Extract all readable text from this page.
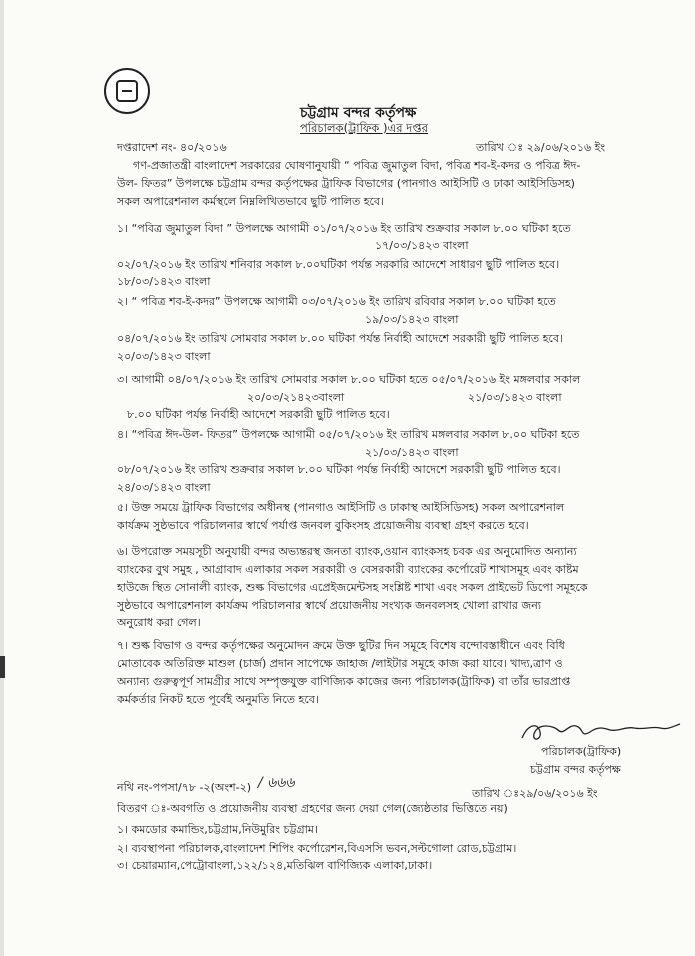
চট্টগ্রাম বন্দর কর্তৃপক্ষ
পরিচালক(ট্রাফিক )এর দপ্তর
দপ্তরাদেশ নং- ৪০/২০১৬	তারিখ ঃ ২৯/০৬/২০১৬ ইং
গণ-প্রজাতন্ত্রী বাংলাদেশ সরকারের ঘোষণানুযায়ী “ পবিত্র জুমাতুল বিদা, পবিত্র শব-ই-কদর ও পবিত্র ঈদ-
উল- ফিতর” উপলক্ষে চট্টগ্রাম বন্দর কর্তৃপক্ষের ট্রাফিক বিভাগের (পানগাও আইসিটি ও ঢাকা আইসিডিসহ)
সকল অপারেশনাল কর্মস্থলে নিম্নলিখিতভাবে ছুটি পালিত হবে।
১। “পবিত্র জুমাতুল বিদা ” উপলক্ষে আগামী ০১/০৭/২০১৬ ইং তারিখ শুক্রবার সকাল ৮.০০ ঘটিকা হতে
১৭/০৩/১৪২৩ বাংলা
০২/০৭/২০১৬ ইং তারিখ শনিবার সকাল ৮.০০ঘটিকা পর্যন্ত সরকারি আদেশে সাধারণ ছুটি পালিত হবে।
১৮/০৩/১৪২৩ বাংলা
২। “ পবিত্র শব-ই-কদর” উপলক্ষে আগামী ০৩/০৭/২০১৬ ইং তারিখ রবিবার সকাল ৮.০০ ঘটিকা হতে
১৯/০৩/১৪২৩ বাংলা
০৪/০৭/২০১৬ ইং তারিখ সোমবার সকাল ৮.০০ ঘটিকা পর্যন্ত নির্বাহী আদেশে সরকারী ছুটি পালিত হবে।
২০/০৩/১৪২৩ বাংলা
৩। আগামী ০৪/০৭/২০১৬ ইং তারিখ সোমবার সকাল ৮.০০ ঘটিকা হতে ০৫/০৭/২০১৬ ইং মঙ্গলবার সকাল
২০/০৩/২১৪২৩বাংলা	২১/০৩/১৪২৩ বাংলা
৮.০০ ঘটিকা পর্যন্ত নির্বাহী আদেশে সরকারী ছুটি পালিত হবে।
৪। “পবিত্র ঈদ-উল- ফিতর” উপলক্ষে আগামী ০৫/০৭/২০১৬ ইং তারিখ মঙ্গলবার সকাল ৮.০০ ঘটিকা হতে
২১/০৩/১৪২৩ বাংলা
০৮/০৭/২০১৬ ইং তারিখ শুক্রবার সকাল ৮.০০ ঘটিকা পর্যন্ত নির্বাহী আদেশে সরকারী ছুটি পালিত হবে।
২৪/০৩/১৪২৩ বাংলা
৫। উক্ত সময়ে ট্রাফিক বিভাগের অধীনস্থ (পানগাও আইসিটি ও ঢাকাস্থ আইসিডিসহ) সকল অপারেশনাল
কার্যক্রম সুষ্ঠভাবে পরিচালনার স্বার্থে পর্যাপ্ত জনবল বুকিংসহ প্রয়োজনীয় ব্যবস্থা গ্রহণ করতে হবে।
৬। উপরোক্ত সময়সূচী অনুযায়ী বন্দর অভ্যন্তরস্থ জনতা ব্যাংক,ওয়ান ব্যাংকসহ চবক এর অনুমোদিত অন্যান্য
ব্যাংকের বুথ সমুহ , আগ্রাবাদ এলাকার সকল সরকারী ও বেসরকারী ব্যাংকের কর্পোরেট শাখাসমূহ এবং কাষ্টম
হাউজে স্থিত সোনালী ব্যাংক, শুল্ক বিভাগের এপ্রেইজমেন্টসহ সংশ্লিষ্ট শাখা এবং সকল প্রাইভেট ডিপো সমূহকে
সুষ্ঠভাবে অপারেশনাল কার্যক্রম পরিচালনার স্বার্থে প্রয়োজনীয় সংখ্যক জনবলসহ খোলা রাখার জন্য
অনুরোধ করা গেল।
৭। শুল্ক বিভাগ ও বন্দর কর্তৃপক্ষের অনুমোদন ক্রমে উক্ত ছুটির দিন সমূহে বিশেষ বন্দোবস্তাধীনে এবং বিধি
মোতাবেক অতিরিক্ত মাশুল (চার্জ) প্রদান সাপেক্ষে জাহাজ /লাইটার সমূহে কাজ করা যাবে। খাদ্য,ত্রাণ ও
অন্যান্য গুরুত্বপূর্ণ সামগ্রীর সাথে সম্পৃক্তযুক্ত বাণিজ্যিক কাজের জন্য পরিচালক(ট্রাফিক) বা তাঁর ভারপ্রাপ্ত
কর্মকর্তার নিকট হতে পূর্বেই অনুমতি নিতে হবে।
পরিচালক(ট্রাফিক)
চট্টগ্রাম বন্দর কর্তৃপক্ষ
নথি নং-পপসা/৭৮ -২(অংশ-২) / ৬৬৬
তারিখ ঃ২৯/০৬/২০১৬ ইং
বিতরণ ঃ-অবগতি ও প্রয়োজনীয় ব্যবস্থা গ্রহণের জন্য দেয়া গেল(জ্যেষ্ঠতার ভিত্তিতে নয়)
১। কমডোর কমান্ডিং,চট্টগ্রাম,নিউমুরিং চট্টগ্রাম।
২। ব্যবস্থাপনা পরিচালক,বাংলাদেশ শিপিং কর্পোরেশন,বিএসসি ভবন,সল্টগোলা রোড,চট্টগ্রাম।
৩। চেয়ারম্যান,পেট্রোবাংলা,১২২/১২৪,মতিঝিল বাণিজ্যিক এলাকা,ঢাকা।
